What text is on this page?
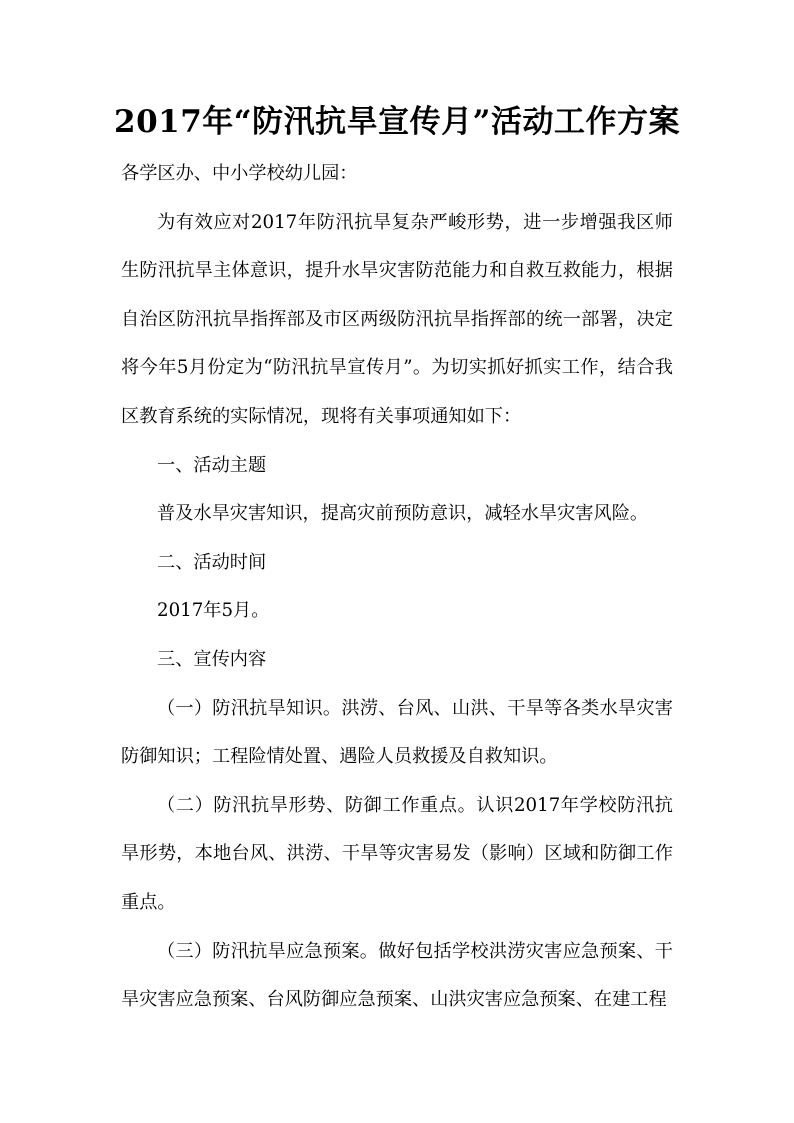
2017年“防汛抗旱宣传月”活动工作方案

各学区办、中小学校幼儿园：

为有效应对2017年防汛抗旱复杂严峻形势，进一步增强我区师生防汛抗旱主体意识，提升水旱灾害防范能力和自救互救能力，根据自治区防汛抗旱指挥部及市区两级防汛抗旱指挥部的统一部署，决定将今年5月份定为“防汛抗旱宣传月”。为切实抓好抓实工作，结合我区教育系统的实际情况，现将有关事项通知如下：

一、活动主题

普及水旱灾害知识，提高灾前预防意识，减轻水旱灾害风险。

二、活动时间

2017年5月。

三、宣传内容

（一）防汛抗旱知识。洪涝、台风、山洪、干旱等各类水旱灾害防御知识；工程险情处置、遇险人员救援及自救知识。

（二）防汛抗旱形势、防御工作重点。认识2017年学校防汛抗旱形势，本地台风、洪涝、干旱等灾害易发（影响）区域和防御工作重点。

（三）防汛抗旱应急预案。做好包括学校洪涝灾害应急预案、干旱灾害应急预案、台风防御应急预案、山洪灾害应急预案、在建工程
